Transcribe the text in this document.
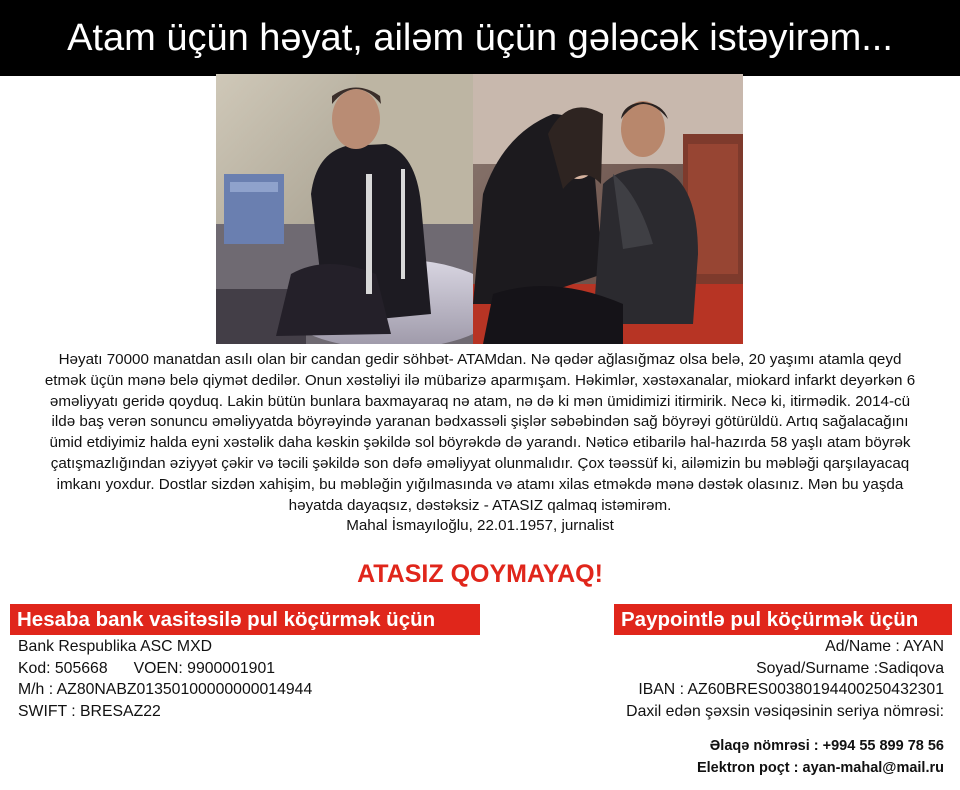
Atam üçün həyat, ailəm üçün gələcək istəyirəm...
Həyatı 70000 manatdan asılı olan bir candan gedir söhbət- ATAMdan. Nə qədər ağlasığmaz olsa belə, 20 yaşımı atamla qeyd
etmək üçün mənə belə qiymət dedilər. Onun xəstəliyi ilə mübarizə aparmışam. Həkimlər, xəstəxanalar, miokard infarkt deyərkən 6
əməliyyatı geridə qoyduq. Lakin bütün bunlara baxmayaraq nə atam, nə də ki mən ümidimizi itirmirik. Necə ki, itirmədik. 2014-cü
ildə baş verən sonuncu əməliyyatda böyrəyində yaranan bədxassəli şişlər səbəbindən sağ böyrəyi götürüldü. Artıq sağalacağını
ümid etdiyimiz halda eyni xəstəlik daha kəskin şəkildə sol böyrəkdə də yarandı. Nəticə etibarilə hal-hazırda 58 yaşlı atam böyrək
çatışmazlığından əziyyət çəkir və təcili şəkildə son dəfə əməliyyat olunmalıdır. Çox təəssüf ki, ailəmizin bu məbləği qarşılayacaq
imkanı yoxdur. Dostlar sizdən xahişim, bu məbləğin yığılmasında və atamı xilas etməkdə mənə dəstək olasınız. Mən bu yaşda
həyatda dayaqsız, dəstəksiz - ATASIZ qalmaq istəmirəm.
Mahal İsmayıloğlu, 22.01.1957, jurnalist
ATASIZ QOYMAYAQ!
Hesaba bank vasitəsilə pul köçürmək üçün	Paypointlə pul köçürmək üçün
Bank Respublika ASC MXD
Kod: 505668 VOEN: 9900001901
M/h : AZ80NABZ01350100000000014944
SWIFT : BRESAZ22
Ad/Name : AYAN
Soyad/Surname :Sadiqova
IBAN : AZ60BRES00380194400250432301
Daxil edən şəxsin vəsiqəsinin seriya nömrəsi:
Əlaqə nömrəsi : +994 55 899 78 56
Elektron poçt : ayan-mahal@mail.ru
